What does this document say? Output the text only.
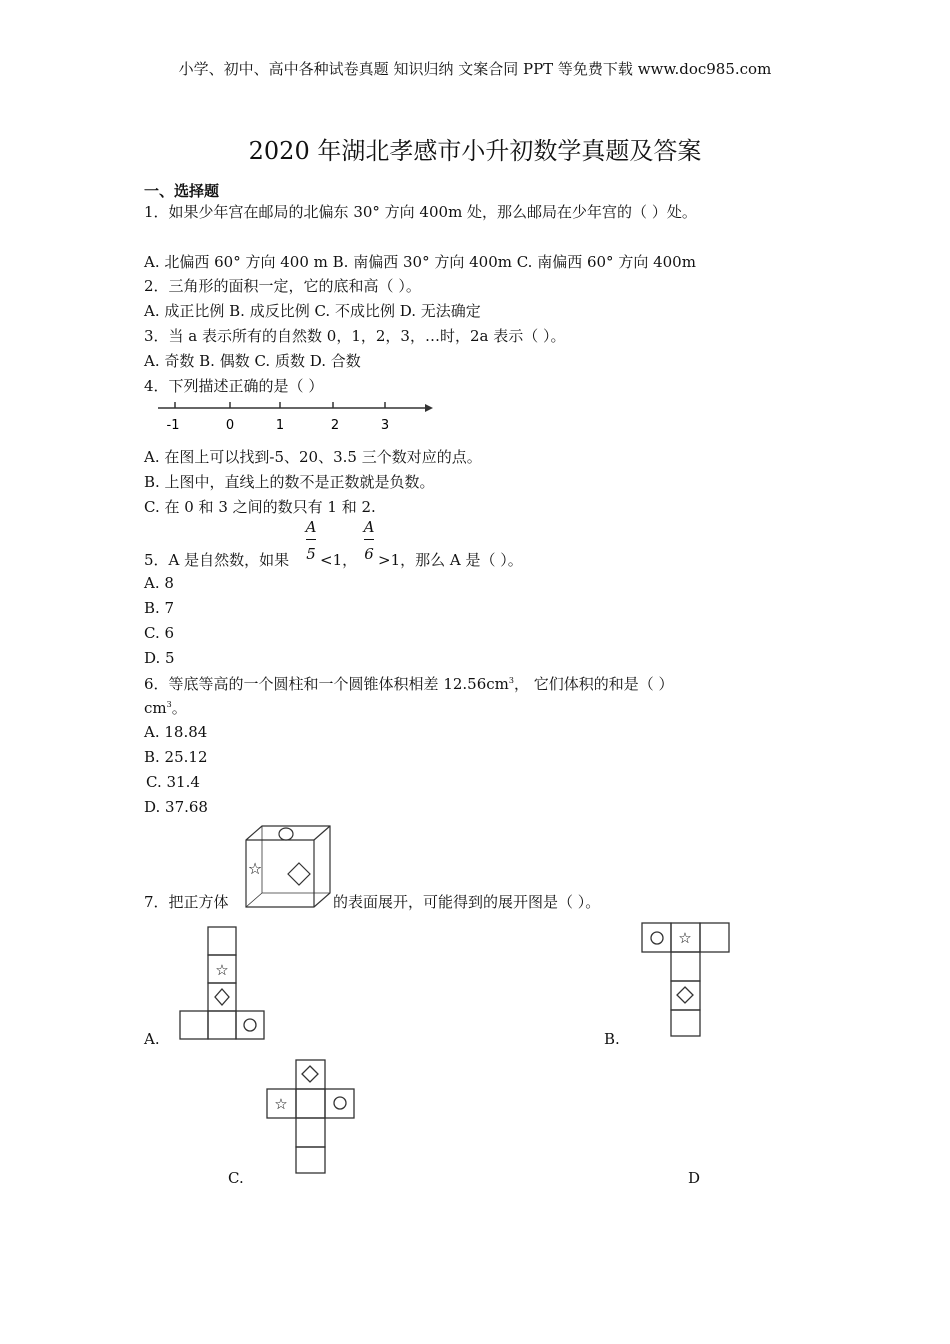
小学、初中、高中各种试卷真题 知识归纳 文案合同 PPT 等免费下载 www.doc985.com
2020 年湖北孝感市小升初数学真题及答案
一、选择题
1．如果少年宫在邮局的北偏东 30° 方向 400m 处，那么邮局在少年宫的（ ）处。
A. 北偏西 60° 方向 400 m B. 南偏西 30° 方向 400m C. 南偏西 60° 方向 400m
2．三角形的面积一定，它的底和高（ ）。
A. 成正比例 B. 成反比例 C. 不成比例 D. 无法确定
3．当 a 表示所有的自然数 0，1，2，3，…时，2a 表示（ ）。
A. 奇数 B. 偶数 C. 质数 D. 合数
4．下列描述正确的是（ ）
-1	0	1	2	3
A. 在图上可以找到-5、20、3.5 三个数对应的点。
B. 上图中，直线上的数不是正数就是负数。
C. 在 0 和 3 之间的数只有 1 和 2.
5．A 是自然数，如果
A
5 <1，
A
6 >1，那么 A 是（ ）。
A. 8
B. 7
C. 6
D. 5
6．等底等高的一个圆柱和一个圆锥体积相差 $12.56cm^3$， 它们体积的和是（ ）
$cm^3$。
A. 18.84
B. 25.12
C. 31.4
D. 37.68
7．把正方体
☆
的表面展开，可能得到的展开图是（ ）。
☆
A.
☆
B.
☆
C.	D
